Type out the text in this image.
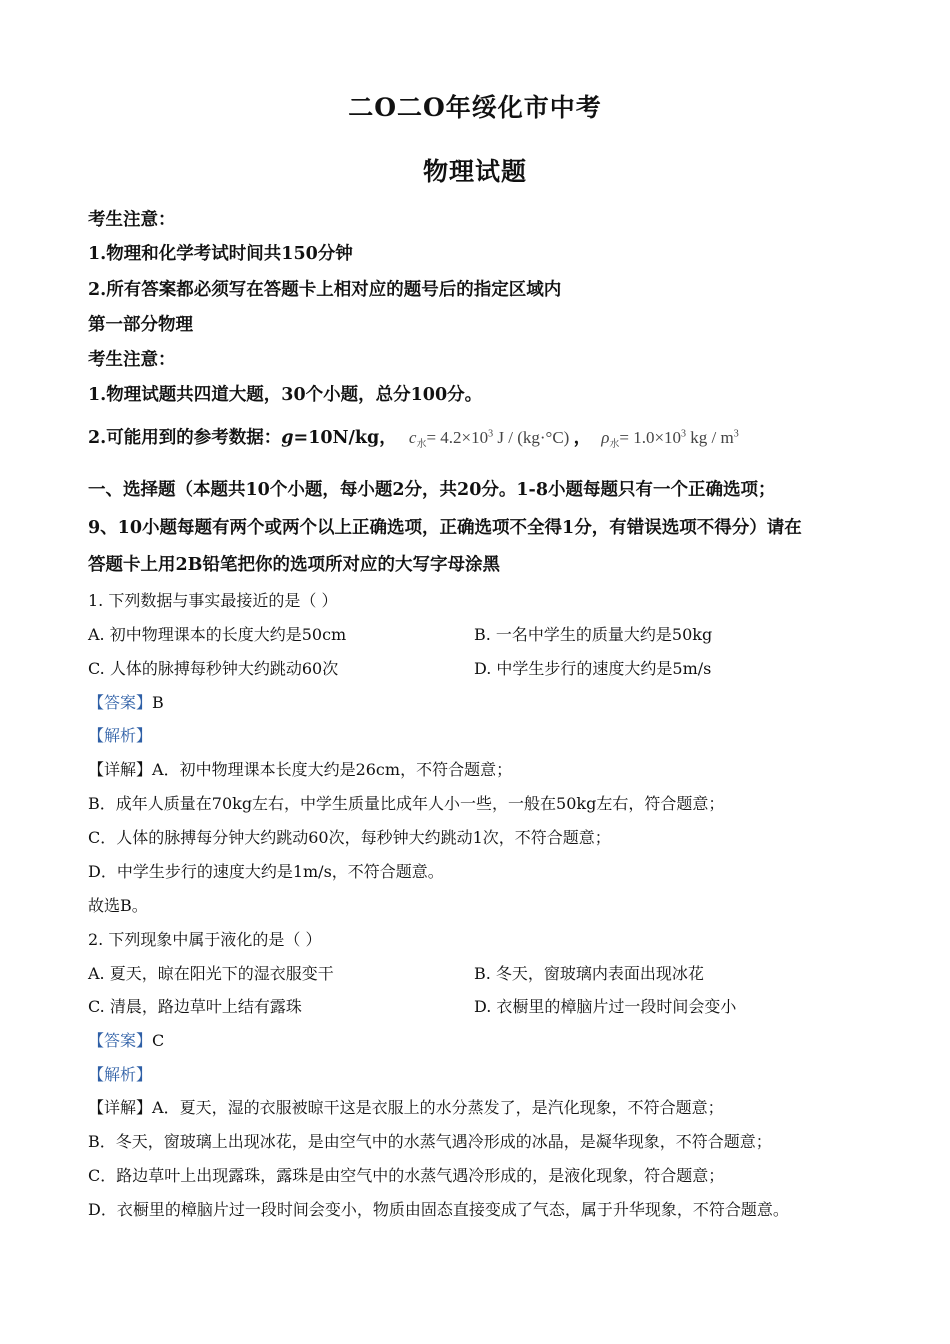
二O二O年绥化市中考
物理试题
考生注意：
1.物理和化学考试时间共150分钟
2.所有答案都必须写在答题卡上相对应的题号后的指定区域内
第一部分物理
考生注意：
1.物理试题共四道大题，30个小题，总分100分。
2.可能用到的参考数据：g=10N/kg， $c_水= 4.2\times 10^3$ J / (kg·°C) ， $\rho_水= 1.0\times 10^3$ kg / $m^3$
一、选择题（本题共10个小题，每小题2分，共20分。1-8小题每题只有一个正确选项；
9、10小题每题有两个或两个以上正确选项，正确选项不全得1分，有错误选项不得分）请在
答题卡上用2B铅笔把你的选项所对应的大写字母涂黑
1. 下列数据与事实最接近的是（ ）
A. 初中物理课本的长度大约是50cm	B. 一名中学生的质量大约是50kg
C. 人体的脉搏每秒钟大约跳动60次	D. 中学生步行的速度大约是5m/s
【答案】B
【解析】
【详解】A．初中物理课本长度大约是26cm，不符合题意；
B．成年人质量在70kg左右，中学生质量比成年人小一些，一般在50kg左右，符合题意；
C．人体的脉搏每分钟大约跳动60次，每秒钟大约跳动1次，不符合题意；
D．中学生步行的速度大约是1m/s，不符合题意。
故选B。
2. 下列现象中属于液化的是（ ）
A. 夏天，晾在阳光下的湿衣服变干	B. 冬天，窗玻璃内表面出现冰花
C. 清晨，路边草叶上结有露珠	D. 衣橱里的樟脑片过一段时间会变小
【答案】C
【解析】
【详解】A．夏天，湿的衣服被晾干这是衣服上的水分蒸发了，是汽化现象，不符合题意；
B．冬天，窗玻璃上出现冰花，是由空气中的水蒸气遇冷形成的冰晶，是凝华现象，不符合题意；
C．路边草叶上出现露珠，露珠是由空气中的水蒸气遇冷形成的，是液化现象，符合题意；
D．衣橱里的樟脑片过一段时间会变小，物质由固态直接变成了气态，属于升华现象，不符合题意。
